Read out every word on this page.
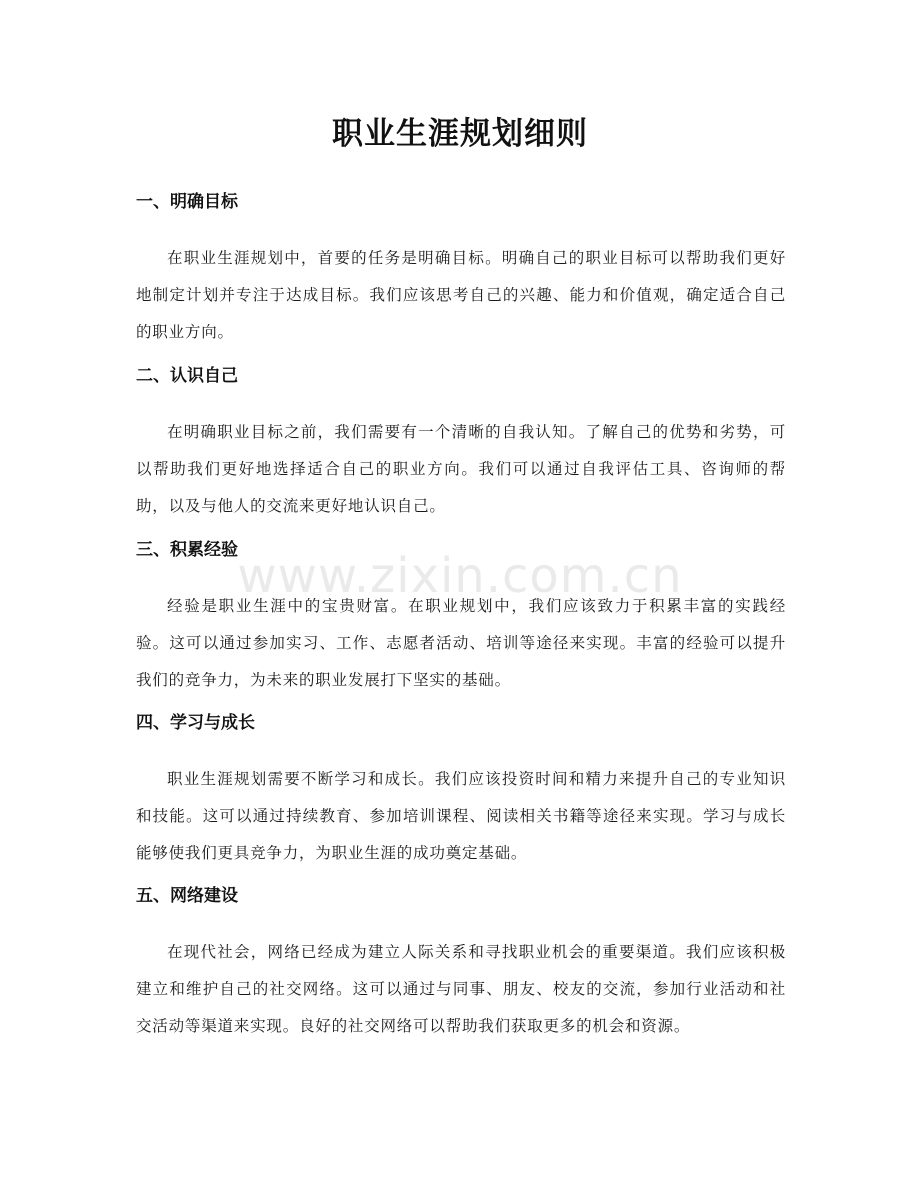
职业生涯规划细则
一、明确目标

在职业生涯规划中，首要的任务是明确目标。明确自己的职业目标可以帮助我们更好地制定计划并专注于达成目标。我们应该思考自己的兴趣、能力和价值观，确定适合自己的职业方向。

二、认识自己

在明确职业目标之前，我们需要有一个清晰的自我认知。了解自己的优势和劣势，可以帮助我们更好地选择适合自己的职业方向。我们可以通过自我评估工具、咨询师的帮助，以及与他人的交流来更好地认识自己。

三、积累经验

经验是职业生涯中的宝贵财富。在职业规划中，我们应该致力于积累丰富的实践经验。这可以通过参加实习、工作、志愿者活动、培训等途径来实现。丰富的经验可以提升我们的竞争力，为未来的职业发展打下坚实的基础。

四、学习与成长

职业生涯规划需要不断学习和成长。我们应该投资时间和精力来提升自己的专业知识和技能。这可以通过持续教育、参加培训课程、阅读相关书籍等途径来实现。学习与成长能够使我们更具竞争力，为职业生涯的成功奠定基础。

五、网络建设

在现代社会，网络已经成为建立人际关系和寻找职业机会的重要渠道。我们应该积极建立和维护自己的社交网络。这可以通过与同事、朋友、校友的交流，参加行业活动和社交活动等渠道来实现。良好的社交网络可以帮助我们获取更多的机会和资源。

www.zixin.com.cn
